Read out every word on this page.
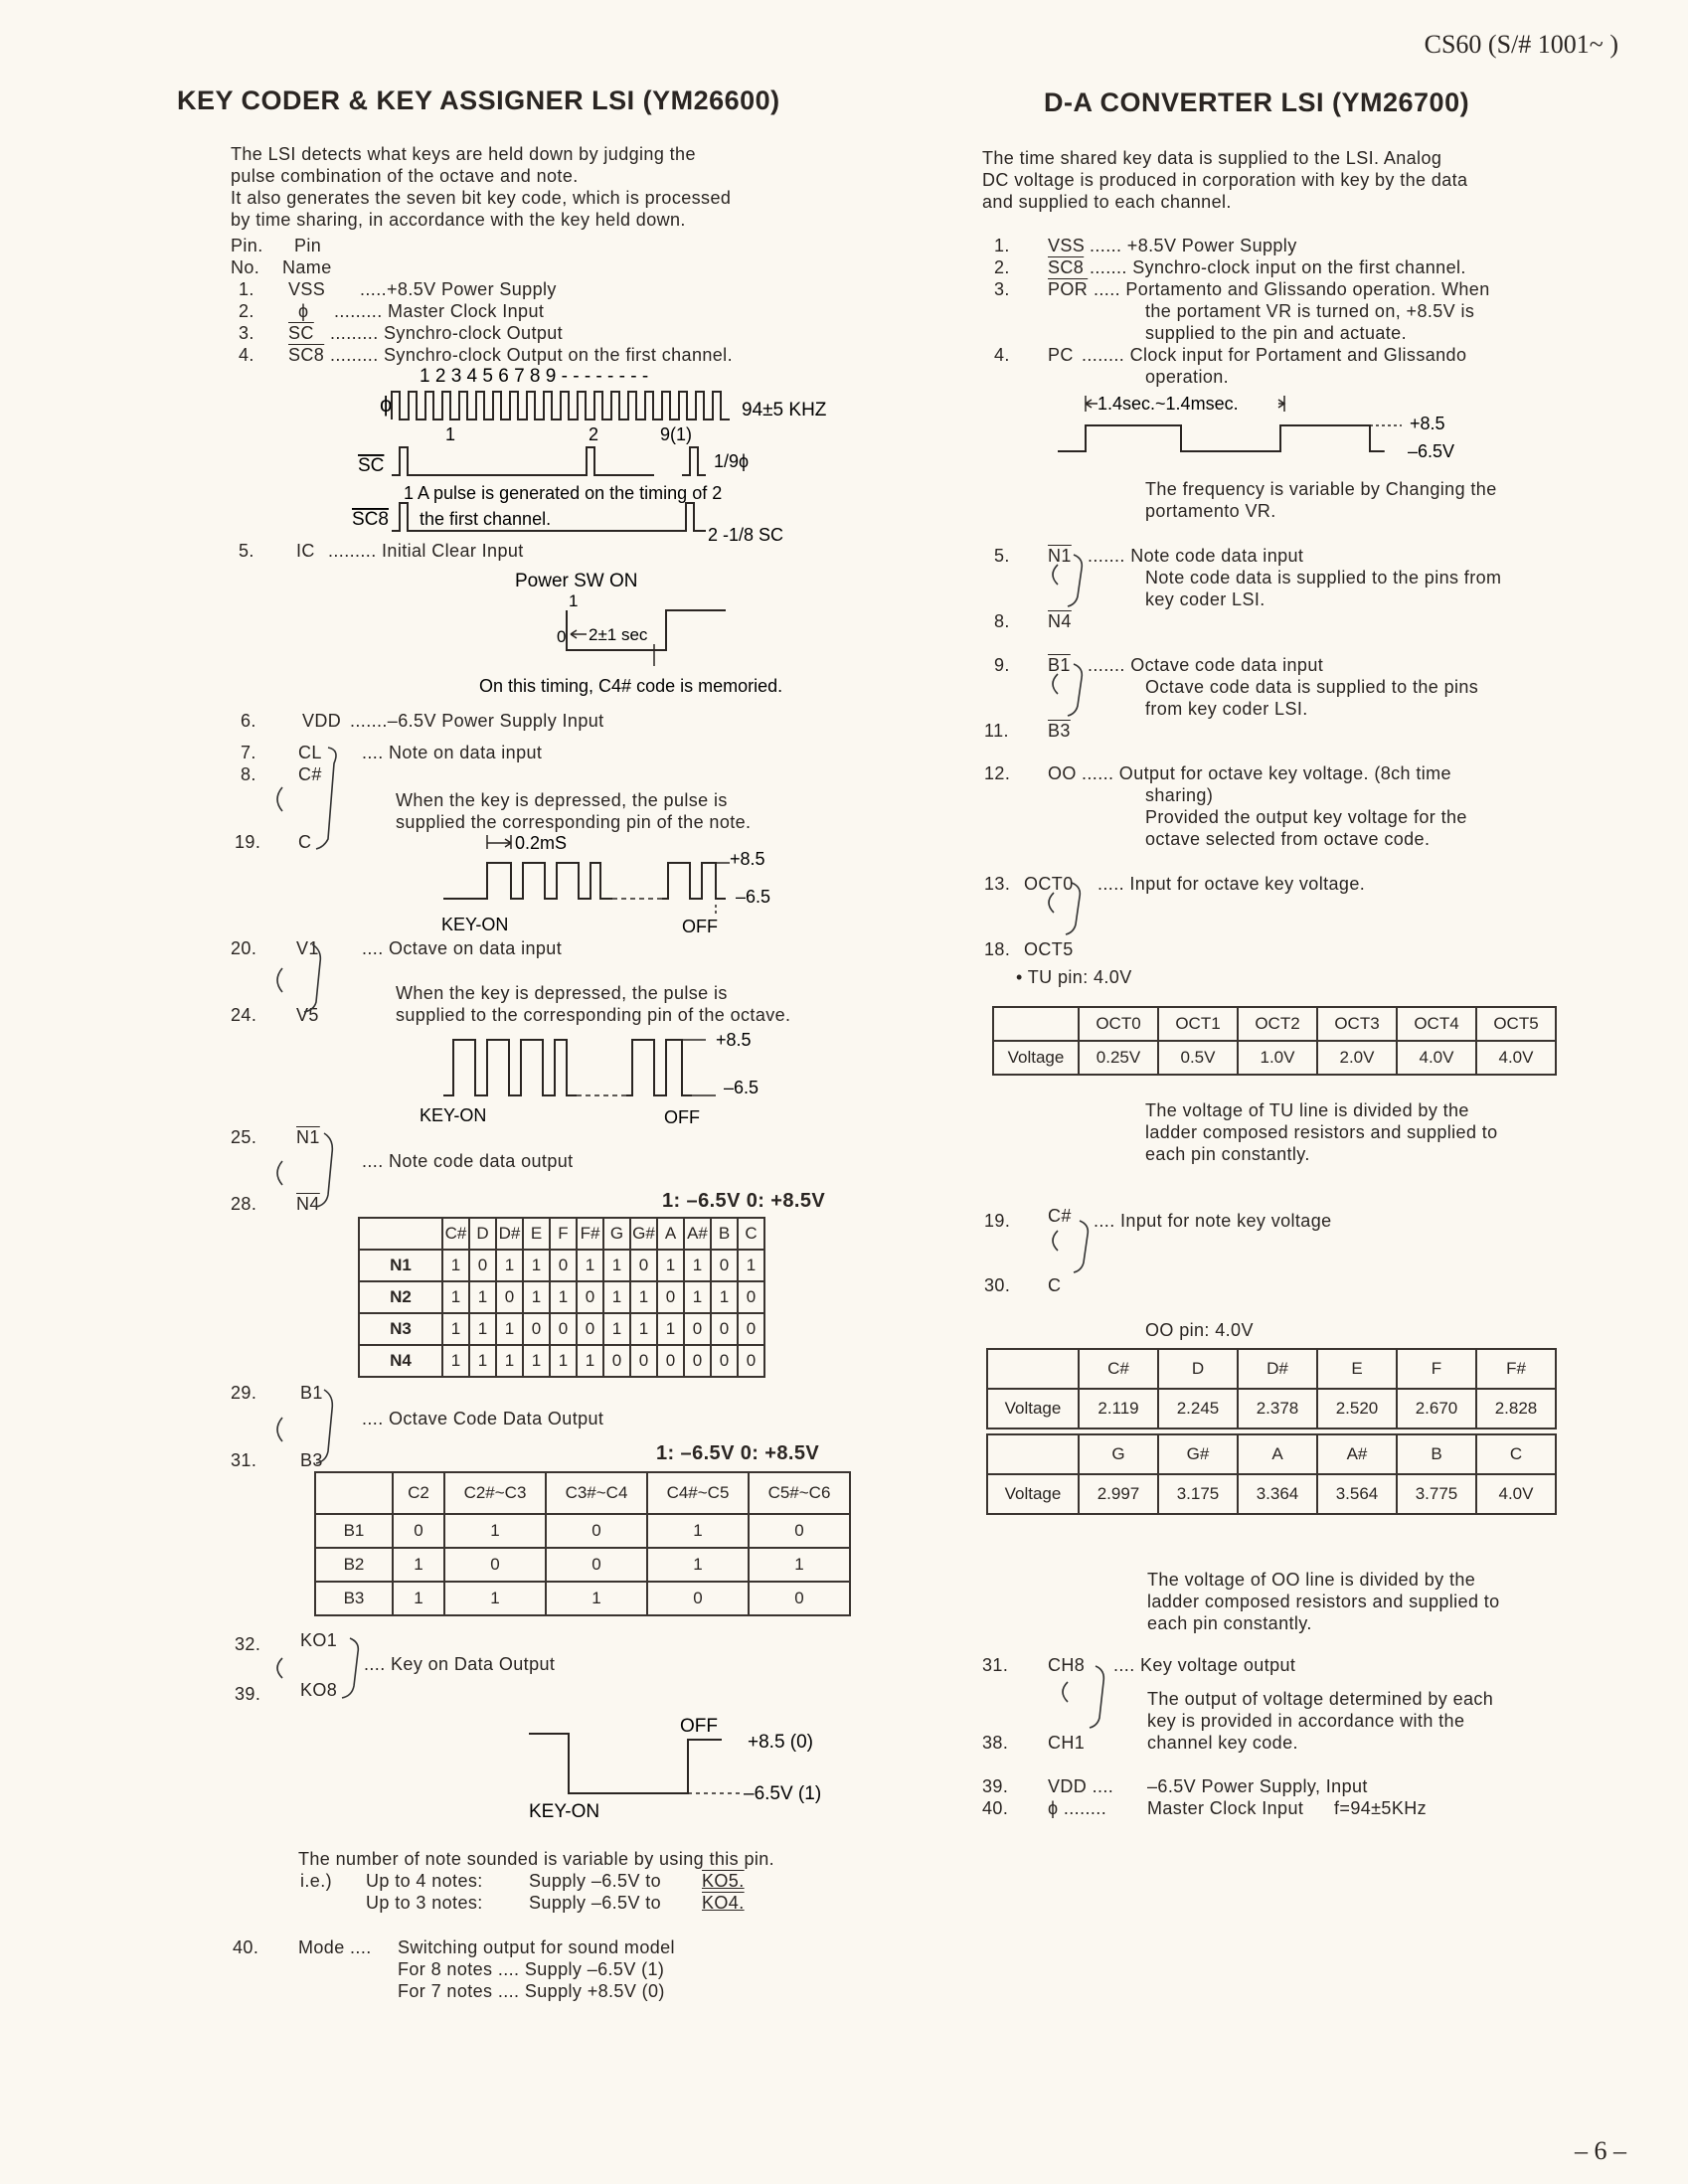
CS60 (S/# 1001~ )
KEY CODER & KEY ASSIGNER LSI (YM26600)
The LSI detects what keys are held down by judging the
pulse combination of the octave and note.
It also generates the seven bit key code, which is processed
by time sharing, in accordance with the key held down.
Pin. Pin
No. Name
1. VSS .....+8.5V Power Supply
2. ϕ ......... Master Clock Input
3. $\overline{SC}$ ......... Synchro-clock Output
4. SC8 ......... Synchro-clock Output on the first channel.
1 2 3 4 5 6 7 8 9 - - - - - - - -
ϕ	94±5 KHZ
1	2	9(1)
SC	1/9ϕ
1 A pulse is generated on the timing of 2
SC8 the first channel.
2 -1/8 SC
5. IC ......... Initial Clear Input
Power SW ON
1
0 2±1 sec
On this timing, C4# code is memoried.
6.	VDD .......–6.5V Power Supply Input
7.
8.
19.
CL
C#
C
.... Note on data input
When the key is depressed, the pulse is
supplied the corresponding pin of the note.
0.2mS
+8.5
–6.5
KEY-ON	OFF
20.
24.
V1
V5
.... Octave on data input
When the key is depressed, the pulse is
supplied to the corresponding pin of the octave.
+8.5
–6.5
KEY-ON	OFF
25.
28.
N1
N4
.... Note code data output
1: –6.5V 0: +8.5V
	C#	D	D#	E	F	F#	G	G#	A	A#	B	C
N1	1	0	1	1	0	1	1	0	1	1	0	1
N2	1	1	0	1	1	0	1	1	0	1	1	0
N3	1	1	1	0	0	0	1	1	1	0	0	0
N4	1	1	1	1	1	1	0	0	0	0	0	0
29.
31.
B1
B3
.... Octave Code Data Output
1: –6.5V 0: +8.5V
	C2	C2#~C3	C3#~C4	C4#~C5	C5#~C6
B1	0	1	0	1	0
B2	1	0	0	1	1
B3	1	1	1	0	0
32.
39.
KO1
KO8
.... Key on Data Output
OFF
+8.5 (0)
–6.5V (1)
KEY-ON
The number of note sounded is variable by using this pin.
i.e.) Up to 4 notes:	Supply –6.5V to KO5.
Up to 3 notes:	Supply –6.5V to KO4.
40. Mode .... Switching output for sound model
For 8 notes .... Supply –6.5V (1)
For 7 notes .... Supply +8.5V (0)
D-A CONVERTER LSI (YM26700)
The time shared key data is supplied to the LSI. Analog
DC voltage is produced in corporation with key by the data
and supplied to each channel.
1. VSS ...... +8.5V Power Supply
2. SC8 ....... Synchro-clock input on the first channel.
3. $\overline{POR}$ ..... Portamento and Glissando operation. When
the portament VR is turned on, +8.5V is
supplied to the pin and actuate.
4. PC ........ Clock input for Portament and Glissando
operation.
1.4sec.~1.4msec.
+8.5
–6.5V
The frequency is variable by Changing the
portamento VR.
5.
8.
N1
N4
....... Note code data input
Note code data is supplied to the pins from
key coder LSI.
9.
11.
B1
B3
....... Octave code data input
Octave code data is supplied to the pins
from key coder LSI.
12. OO ...... Output for octave key voltage. (8ch time
sharing)
Provided the output key voltage for the
octave selected from octave code.
13. OCT0
18. OCT5
..... Input for octave key voltage.
• TU pin: 4.0V
	OCT0	OCT1	OCT2	OCT3	OCT4	OCT5
Voltage	0.25V	0.5V	1.0V	2.0V	4.0V	4.0V
The voltage of TU line is divided by the
ladder composed resistors and supplied to
each pin constantly.
19.
30.
C#
C
.... Input for note key voltage
OO pin: 4.0V
	C#	D	D#	E	F	F#
Voltage	2.119	2.245	2.378	2.520	2.670	2.828
	G	G#	A	A#	B	C
Voltage	2.997	3.175	3.364	3.564	3.775	4.0V
The voltage of OO line is divided by the
ladder composed resistors and supplied to
each pin constantly.
31.
38.
CH8
CH1
.... Key voltage output
The output of voltage determined by each
key is provided in accordance with the
channel key code.
39. VDD .... –6.5V Power Supply, Input
40. ϕ ........ Master Clock Input f=94±5KHz
– 6 –
